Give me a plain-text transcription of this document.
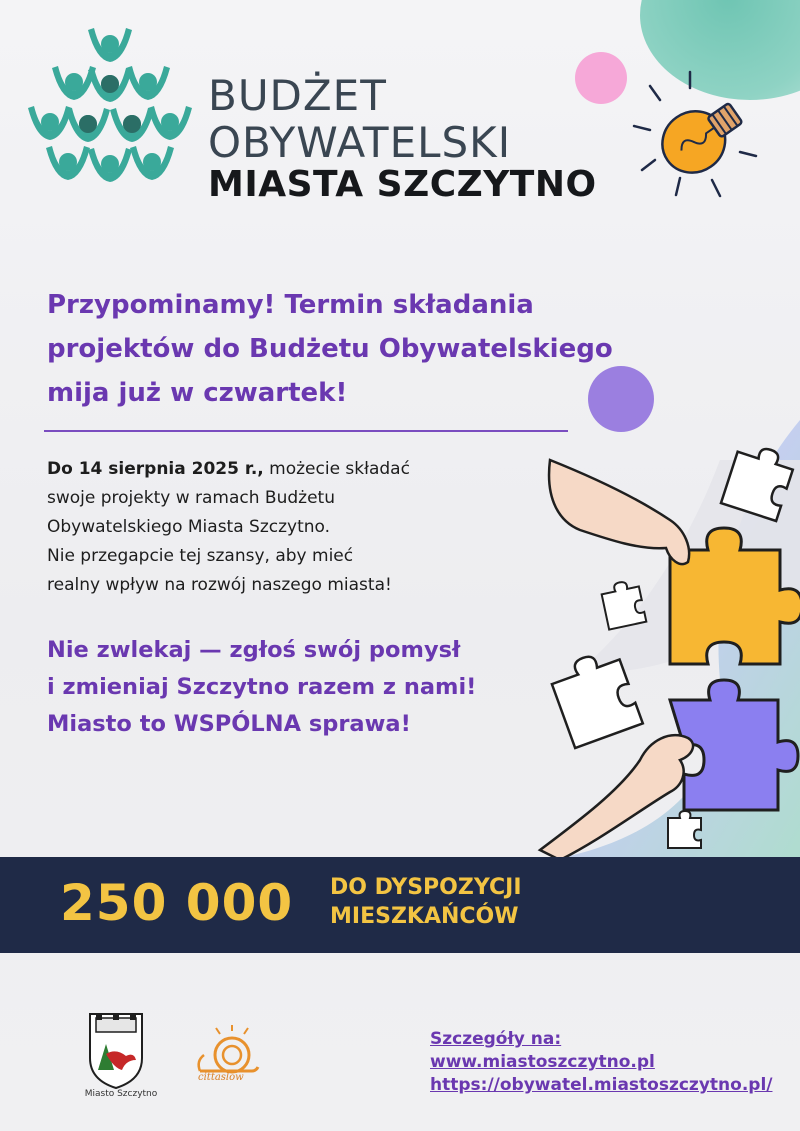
BUDŻET
OBYWATELSKI
MIASTA SZCZYTNO
Przypominamy! Termin składania
projektów do Budżetu Obywatelskiego
mija już w czwartek!
Do 14 sierpnia 2025 r., możecie składać
swoje projekty w ramach Budżetu
Obywatelskiego Miasta Szczytno.
Nie przegapcie tej szansy, aby mieć
realny wpływ na rozwój naszego miasta!
Nie zwlekaj — zgłoś swój pomysł
i zmieniaj Szczytno razem z nami!
Miasto to WSPÓLNA sprawa!
250 000 DO DYSPOZYCJI
MIESZKAŃCÓW
Miasto Szczytno
cittaslow
Szczegóły na:
www.miastoszczytno.pl
https://obywatel.miastoszczytno.pl/
